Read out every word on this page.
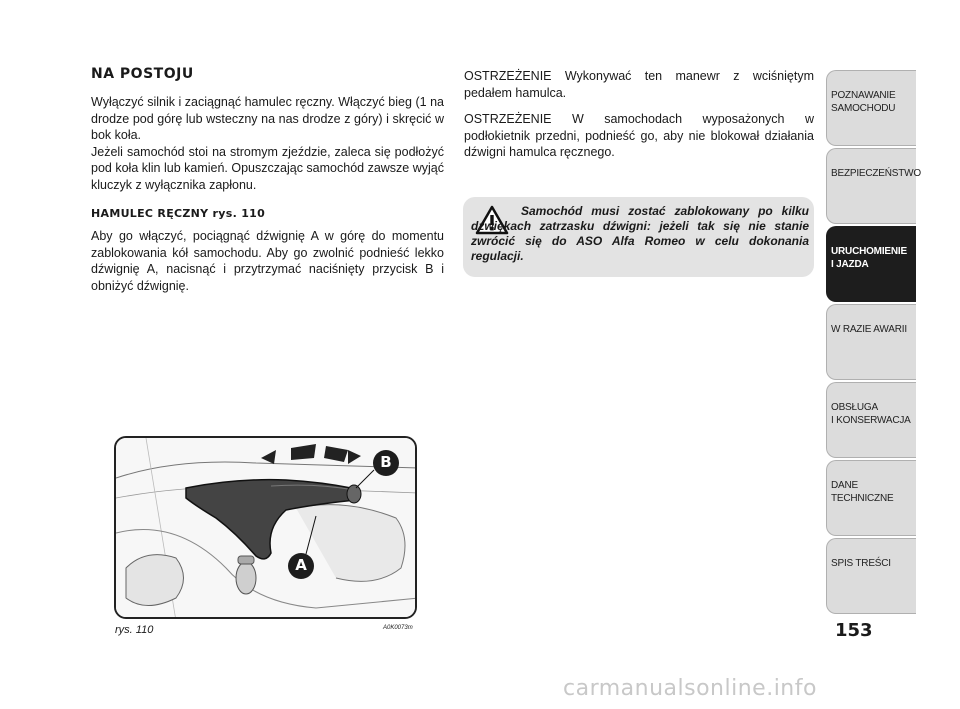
NA POSTOJU

Wyłączyć silnik i zaciągnąć hamulec ręczny. Włączyć bieg (1 na drodze pod górę lub wsteczny na nas drodze z góry) i skręcić w bok koła.

Jeżeli samochód stoi na stromym zjeździe, zaleca się podłożyć pod koła klin lub kamień. Opuszczając samochód zawsze wyjąć kluczyk z wyłącznika zapłonu.

HAMULEC RĘCZNY rys. 110

Aby go włączyć, pociągnąć dźwignię A w górę do momentu zablokowania kół samochodu. Aby go zwolnić podnieść lekko dźwignię A, nacisnąć i przytrzymać naciśnięty przycisk B i obniżyć dźwignię.

OSTRZEŻENIE Wykonywać ten manewr z wciśniętym pedałem hamulca.

OSTRZEŻENIE W samochodach wyposażonych w podłokietnik przedni, podnieść go, aby nie blokował działania dźwigni hamulca ręcznego.

Samochód musi zostać zablokowany po kilku dźwiękach zatrzasku dźwigni: jeżeli tak się nie stanie zwrócić się do ASO Alfa Romeo w celu dokonania regulacji.
B
A
rys. 110	A0K0073m
POZNAWANIE
SAMOCHODU
BEZPIECZEŃSTWO
URUCHOMIENIE
I JAZDA
W RAZIE AWARII
OBSŁUGA
I KONSERWACJA
DANE
TECHNICZNE
SPIS TREŚCI
153
carmanualsonline.info
